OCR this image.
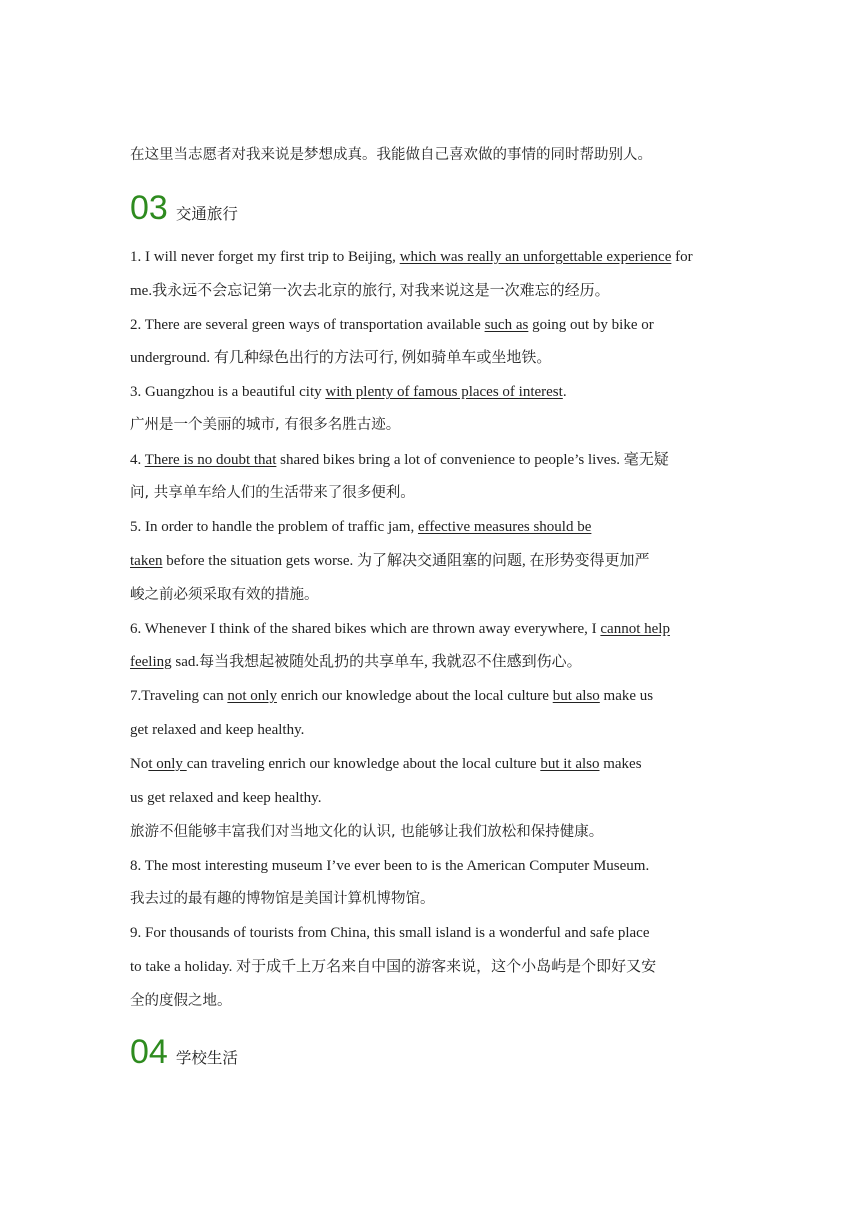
在这里当志愿者对我来说是梦想成真。我能做自己喜欢做的事情的同时帮助别人。
03 交通旅行
1. I will never forget my first trip to Beijing, which was really an unforgettable experience for
me.我永远不会忘记第一次去北京的旅行, 对我来说这是一次难忘的经历。
2. There are several green ways of transportation available such as going out by bike or
underground. 有几种绿色出行的方法可行, 例如骑单车或坐地铁。
3. Guangzhou is a beautiful city with plenty of famous places of interest.
广州是一个美丽的城市, 有很多名胜古迹。
4. There is no doubt that shared bikes bring a lot of convenience to people’s lives. 毫无疑
问, 共享单车给人们的生活带来了很多便利。
5. In order to handle the problem of traffic jam, effective measures should be
taken before the situation gets worse. 为了解决交通阻塞的问题, 在形势变得更加严
峻之前必须采取有效的措施。
6. Whenever I think of the shared bikes which are thrown away everywhere, I cannot help
feeling sad.每当我想起被随处乱扔的共享单车, 我就忍不住感到伤心。
7.Traveling can not only enrich our knowledge about the local culture but also make us
get relaxed and keep healthy.
Not only can traveling enrich our knowledge about the local culture but it also makes
us get relaxed and keep healthy.
旅游不但能够丰富我们对当地文化的认识, 也能够让我们放松和保持健康。
8. The most interesting museum I’ve ever been to is the American Computer Museum.
我去过的最有趣的博物馆是美国计算机博物馆。
9. For thousands of tourists from China, this small island is a wonderful and safe place
to take a holiday. 对于成千上万名来自中国的游客来说，这个小岛屿是个即好又安
全的度假之地。
04 学校生活
